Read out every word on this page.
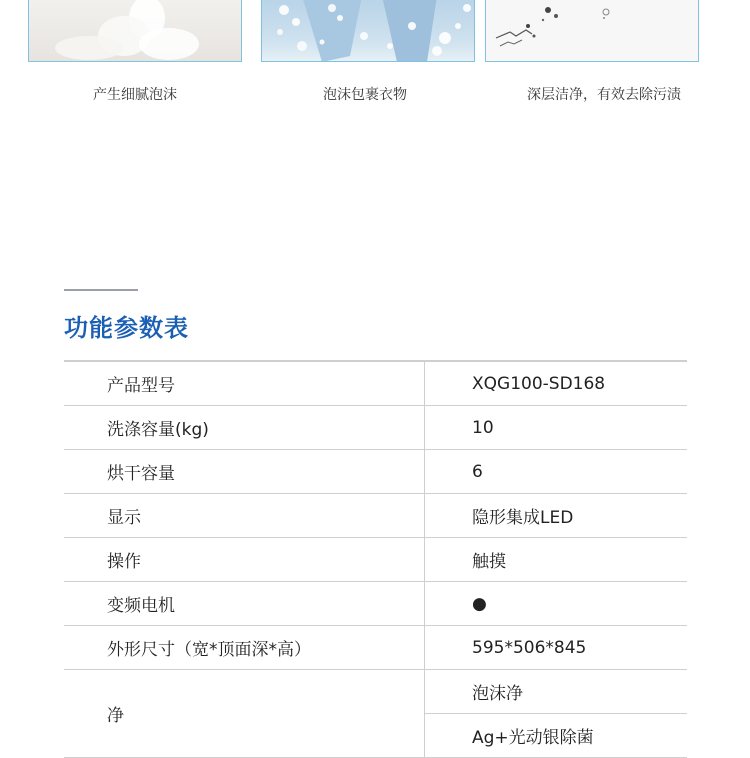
产生细腻泡沫	泡沫包裹衣物	深层洁净，有效去除污渍
功能参数表
产品型号	XQG100-SD168
洗涤容量(kg)	10
烘干容量	6
显示	隐形集成LED
操作	触摸
变频电机	●
外形尺寸（宽*顶面深*高）	595*506*845
净	泡沫净
	Ag+光动银除菌
